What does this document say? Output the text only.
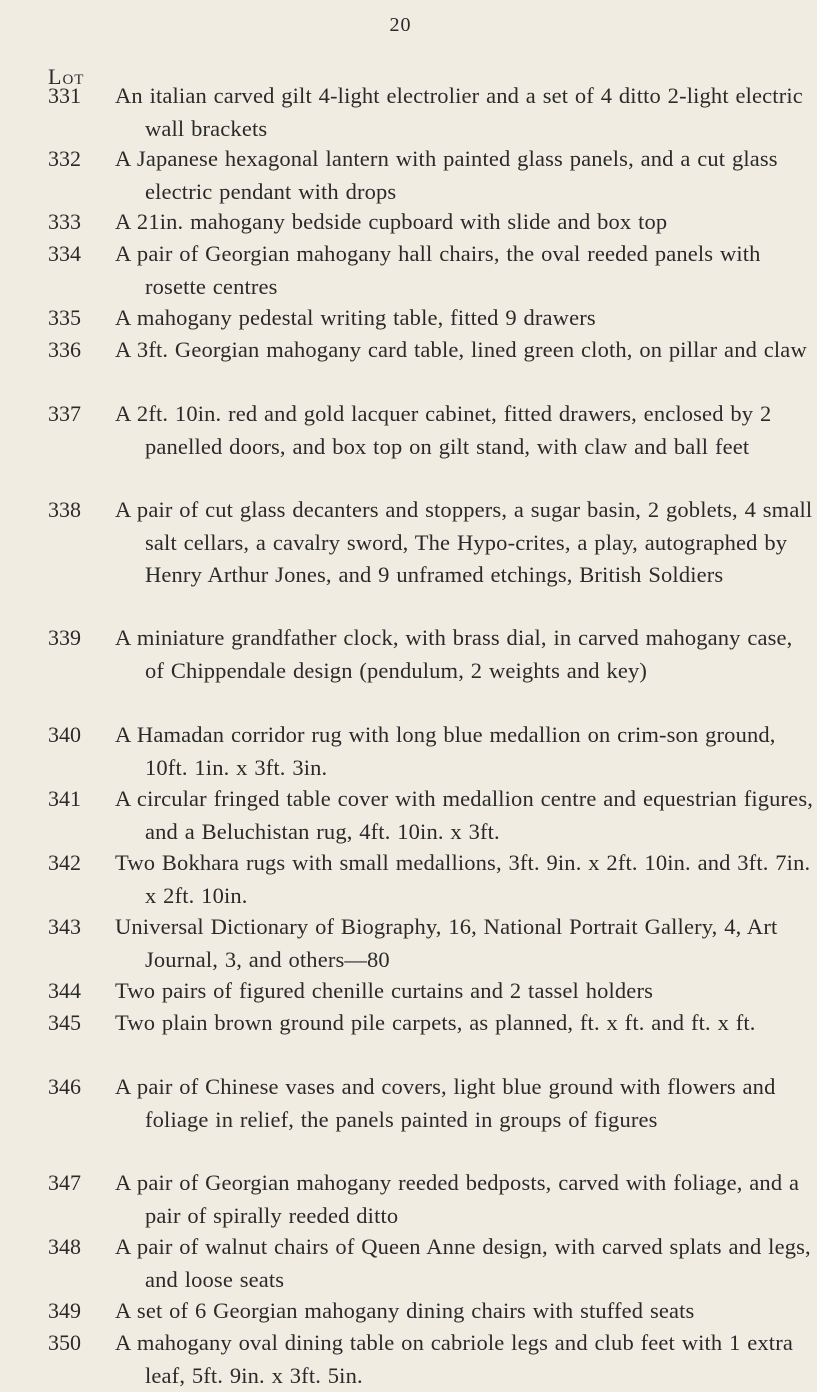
20
Lot
331	An italian carved gilt 4-light electrolier and a set of 4 ditto 2-light electric wall brackets
332	A Japanese hexagonal lantern with painted glass panels, and a cut glass electric pendant with drops
333	A 21in. mahogany bedside cupboard with slide and box top
334	A pair of Georgian mahogany hall chairs, the oval reeded panels with rosette centres
335	A mahogany pedestal writing table, fitted 9 drawers
336	A 3ft. Georgian mahogany card table, lined green cloth, on pillar and claw
337	A 2ft. 10in. red and gold lacquer cabinet, fitted drawers, enclosed by 2 panelled doors, and box top on gilt stand, with claw and ball feet
338	A pair of cut glass decanters and stoppers, a sugar basin, 2 goblets, 4 small salt cellars, a cavalry sword, The Hypo-crites, a play, autographed by Henry Arthur Jones, and 9 unframed etchings, British Soldiers
339	A miniature grandfather clock, with brass dial, in carved mahogany case, of Chippendale design (pendulum, 2 weights and key)
340	A Hamadan corridor rug with long blue medallion on crim-son ground, 10ft. 1in. x 3ft. 3in.
341	A circular fringed table cover with medallion centre and equestrian figures, and a Beluchistan rug, 4ft. 10in. x 3ft.
342	Two Bokhara rugs with small medallions, 3ft. 9in. x 2ft. 10in. and 3ft. 7in. x 2ft. 10in.
343	Universal Dictionary of Biography, 16, National Portrait Gallery, 4, Art Journal, 3, and others—80
344	Two pairs of figured chenille curtains and 2 tassel holders
345	Two plain brown ground pile carpets, as planned, ft. x ft. and ft. x ft.
346	A pair of Chinese vases and covers, light blue ground with flowers and foliage in relief, the panels painted in groups of figures
347	A pair of Georgian mahogany reeded bedposts, carved with foliage, and a pair of spirally reeded ditto
348	A pair of walnut chairs of Queen Anne design, with carved splats and legs, and loose seats
349	A set of 6 Georgian mahogany dining chairs with stuffed seats
350	A mahogany oval dining table on cabriole legs and club feet with 1 extra leaf, 5ft. 9in. x 3ft. 5in.
